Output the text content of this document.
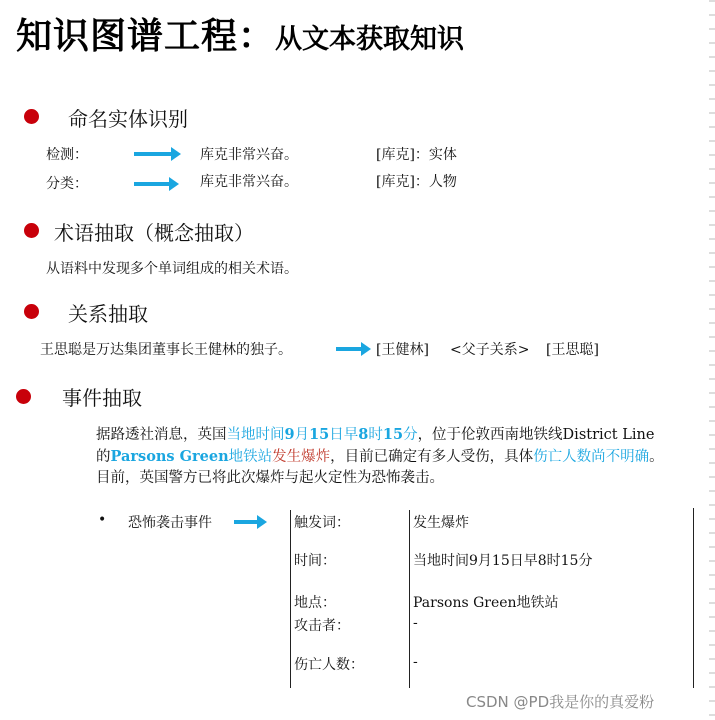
知识图谱工程：从文本获取知识
命名实体识别
检测：	库克非常兴奋。	[库克]：实体
分类：	库克非常兴奋。	[库克]：人物
术语抽取（概念抽取）
从语料中发现多个单词组成的相关术语。
关系抽取
王思聪是万达集团董事长王健林的独子。	[王健林] <父子关系> [王思聪]
事件抽取
据路透社消息，英国当地时间9月15日早8时15分，位于伦敦西南地铁线District Line
的Parsons Green地铁站发生爆炸，目前已确定有多人受伤，具体伤亡人数尚不明确。
目前，英国警方已将此次爆炸与起火定性为恐怖袭击。
• 恐怖袭击事件	触发词：	发生爆炸
时间：	当地时间9月15日早8时15分
地点：	Parsons Green地铁站
攻击者：	-
伤亡人数：	-
CSDN @PD我是你的真爱粉
